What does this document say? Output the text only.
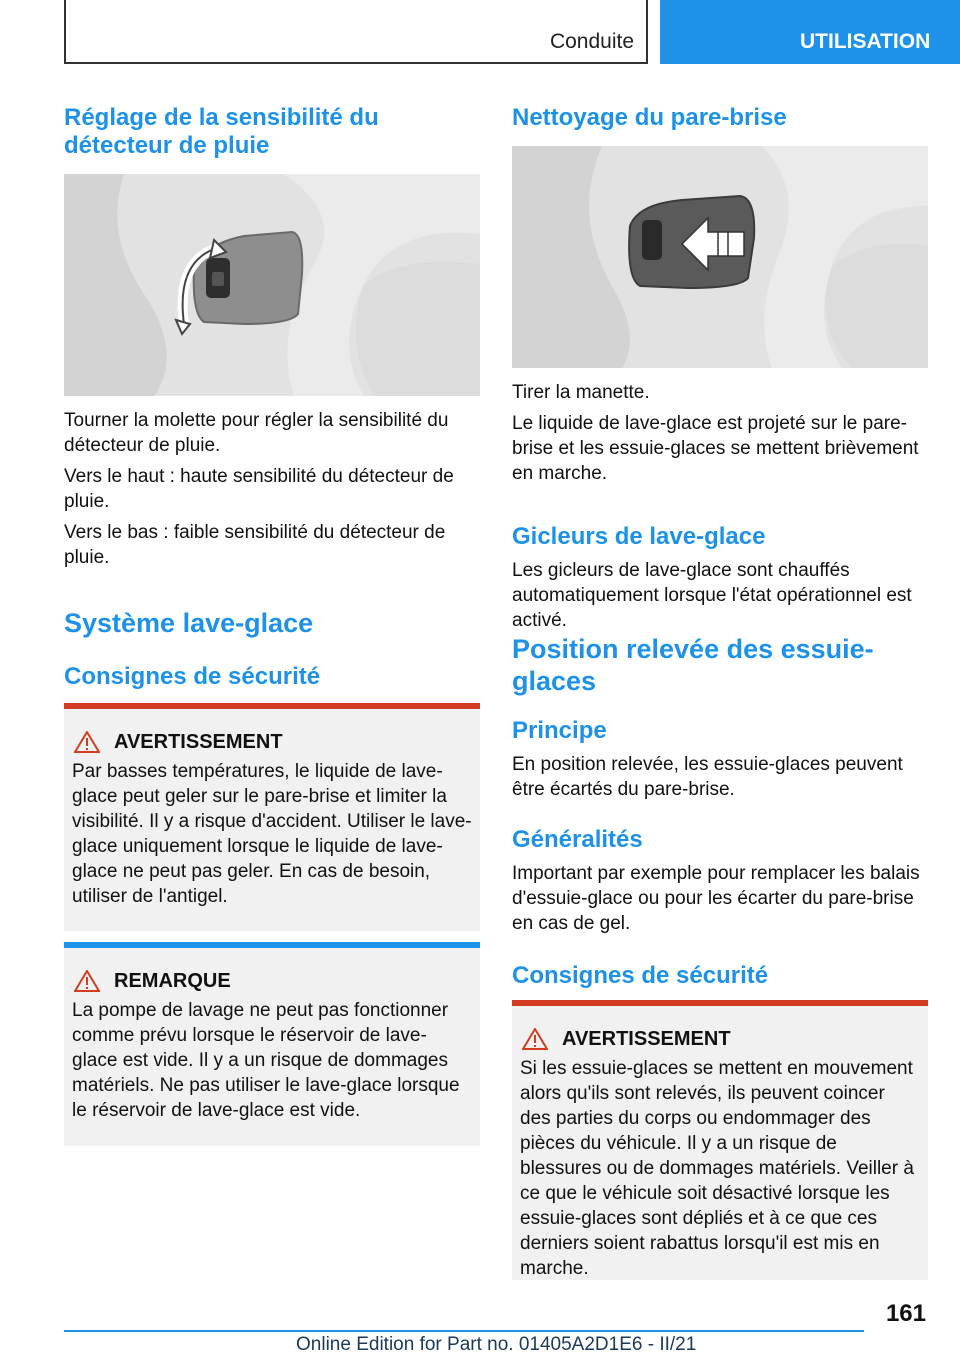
Conduite	UTILISATION
Réglage de la sensibilité du détecteur de pluie

Tourner la molette pour régler la sensibilité du détecteur de pluie.

Vers le haut : haute sensibilité du détecteur de pluie.

Vers le bas : faible sensibilité du détecteur de pluie.

Système lave-glace
Consignes de sécurité
AVERTISSEMENT

Par basses températures, le liquide de lave-glace peut geler sur le pare-brise et limiter la visibilité. Il y a risque d'accident. Utiliser le lave-glace uniquement lorsque le liquide de lave-glace ne peut pas geler. En cas de besoin, utiliser de l'antigel.

REMARQUE

La pompe de lavage ne peut pas fonctionner comme prévu lorsque le réservoir de lave-glace est vide. Il y a un risque de dommages matériels. Ne pas utiliser le lave-glace lorsque le réservoir de lave-glace est vide.

Nettoyage du pare-brise

Tirer la manette.

Le liquide de lave-glace est projeté sur le pare-brise et les essuie-glaces se mettent brièvement en marche.

Gicleurs de lave-glace

Les gicleurs de lave-glace sont chauffés automatiquement lorsque l'état opérationnel est activé.

Position relevée des essuie-glaces
Principe

En position relevée, les essuie-glaces peuvent être écartés du pare-brise.

Généralités

Important par exemple pour remplacer les balais d'essuie-glace ou pour les écarter du pare-brise en cas de gel.

Consignes de sécurité
AVERTISSEMENT

Si les essuie-glaces se mettent en mouvement alors qu'ils sont relevés, ils peuvent coincer des parties du corps ou endommager des pièces du véhicule. Il y a un risque de blessures ou de dommages matériels. Veiller à ce que le véhicule soit désactivé lorsque les essuie-glaces sont dépliés et à ce que ces derniers soient rabattus lorsqu'il est mis en marche.

161
Online Edition for Part no. 01405A2D1E6 - II/21
